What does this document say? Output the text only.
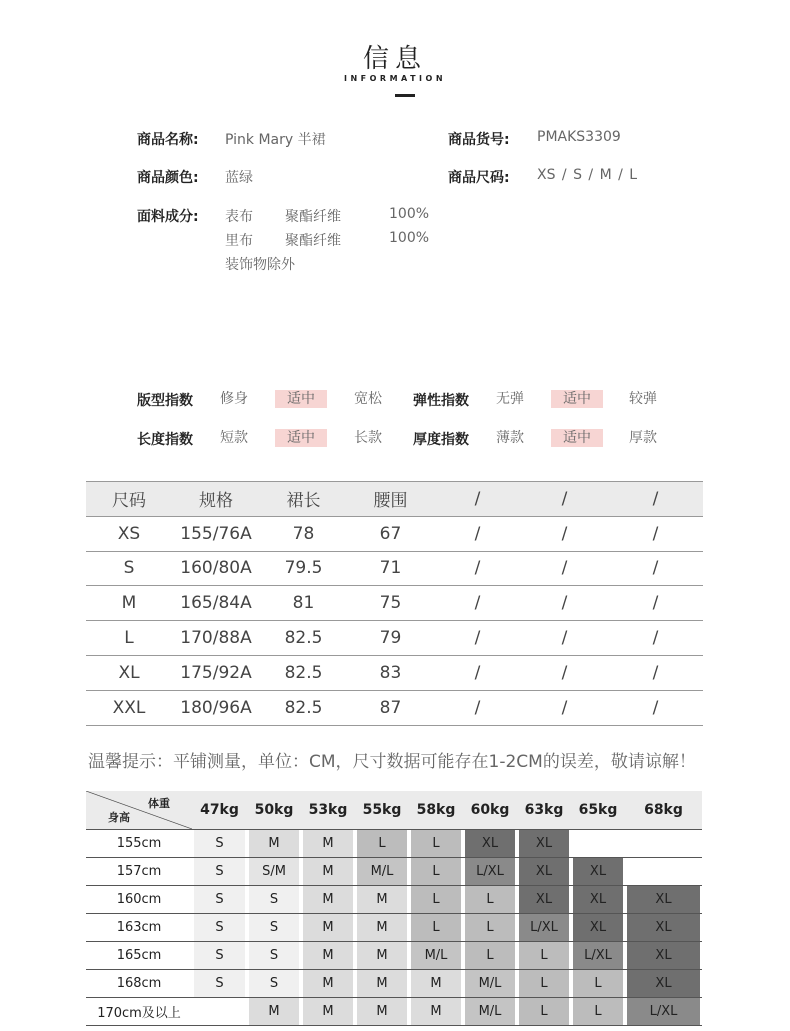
信息
INFORMATION
商品名称: Pink Mary 半裙	商品货号: PMAKS3309
商品颜色: 蓝绿	商品尺码: XS / S / M / L
面料成分: 表布 聚酯纤维	100%
里布 聚酯纤维	100%
装饰物除外
版型指数	修身	适中	宽松	弹性指数	无弹	适中	较弹
长度指数	短款	适中	长款	厚度指数	薄款	适中	厚款
尺码	规格	裙长	腰围	/	/	/
XS	155/76A	78	67	/	/	/
S	160/80A	79.5	71	/	/	/
M	165/84A	81	75	/	/	/
L	170/88A	82.5	79	/	/	/
XL	175/92A	82.5	83	/	/	/
XXL	180/96A	82.5	87	/	/	/
温馨提示：平铺测量，单位：CM，尺寸数据可能存在1-2CM的误差，敬请谅解！
体重
身高	47kg	50kg	53kg	55kg	58kg	60kg	63kg	65kg	68kg
155cm	S	M	M	L	L	XL	XL		

157cm	S	S/M	M	M/L	L	L/XL	XL	XL	

160cm	S	S	M	M	L	L	XL	XL	XL

163cm	S	S	M	M	L	L	L/XL	XL	XL

165cm	S	S	M	M	M/L	L	L	L/XL	XL

168cm	S	S	M	M	M	M/L	L	L	XL

170cm及以上		M	M	M	M	M/L	L	L	L/XL
